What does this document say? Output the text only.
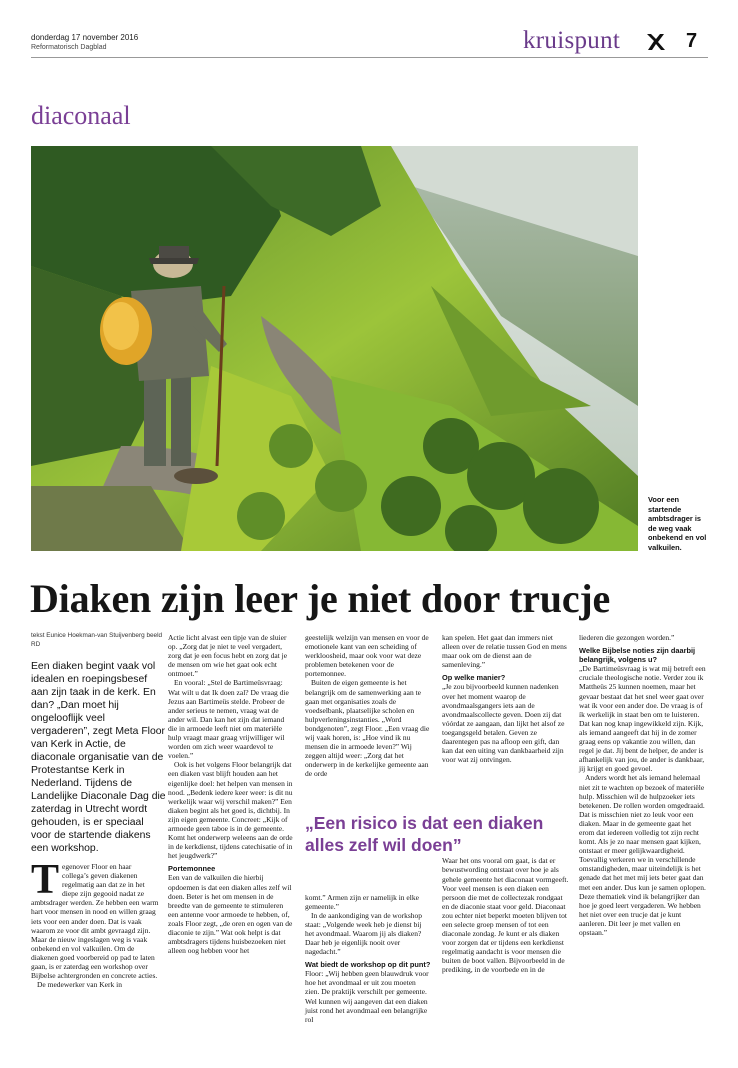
donderdag 17 november 2016
Reformatorisch Dagblad	kruispunt	7
diaconaal
Voor een startende ambtsdrager is de weg vaak onbekend en vol valkuilen.
Diaken zijn leer je niet door trucje
tekst Eunice Hoekman-van Stuijvenberg beeld RD
Een diaken begint vaak vol idealen en roepingsbesef aan zijn taak in de kerk. En dan? „Dan moet hij ongelooflijk veel vergaderen”, zegt Meta Floor van Kerk in Actie, de diaconale organisatie van de Protestantse Kerk in Nederland. Tijdens de Landelijke Diaconale Dag die zaterdag in Utrecht wordt gehouden, is er speciaal voor de startende diakens een workshop.

Tegenover Floor en haar collega’s geven diakenen regelmatig aan dat ze in het diepe zijn gegooid nadat ze ambtsdrager werden. Ze hebben een warm hart voor mensen in nood en willen graag iets voor een ander doen. Dat is vaak waarom ze voor dit ambt gevraagd zijn. Maar de nieuw ingeslagen weg is vaak onbekend en vol valkuilen. Om de diakenen goed voorbereid op pad te laten gaan, is er zaterdag een workshop over Bijbelse achtergronden en concrete acties.

De medewerker van Kerk in

Actie licht alvast een tipje van de sluier op. „Zorg dat je niet te veel vergadert, zorg dat je een focus hebt en zorg dat je de mensen om wie het gaat ook echt ontmoet.”

En vooral: „Stel de Bartimeüsvraag: Wat wilt u dat Ik doen zal? De vraag die Jezus aan Bartimeüs stelde. Probeer de ander serieus te nemen, vraag wat de ander wil. Dan kan het zijn dat iemand die in armoede leeft niet om materiële hulp vraagt maar graag vrijwilliger wil worden om zich weer waardevol te voelen.”

Ook is het volgens Floor belangrijk dat een diaken vast blijft houden aan het eigenlijke doel: het helpen van mensen in nood. „Bedenk iedere keer weer: is dit nu werkelijk waar wij verschil maken?” Een diaken begint als het goed is, dichtbij. In zijn eigen gemeente. Concreet: „Kijk of armoede geen taboe is in de gemeente. Komt het onderwerp weleens aan de orde in de kerkdienst, tijdens catechisatie of in het jeugdwerk?”

Portemonnee

Een van de valkuilen die hierbij opdoemen is dat een diaken alles zelf wil doen. Beter is het om mensen in de breedte van de gemeente te stimuleren een antenne voor armoede te hebben, of, zoals Floor zegt, „de oren en ogen van de diaconie te zijn.” Wat ook helpt is dat ambtsdragers tijdens huisbezoeken niet alleen oog hebben voor het

geestelijk welzijn van mensen en voor de emotionele kant van een scheiding of werkloosheid, maar ook voor wat deze problemen betekenen voor de portemonnee.

Buiten de eigen gemeente is het belangrijk om de samenwerking aan te gaan met organisaties zoals de voedselbank, plaatselijke scholen en hulpverleningsinstanties. „Word bondgenoten”, zegt Floor. „Een vraag die wij vaak horen, is: „Hoe vind ik nu mensen die in armoede leven?” Wij zeggen altijd weer: „Zorg dat het onderwerp in de kerkelijke gemeente aan de orde

komt.” Armen zijn er namelijk in elke gemeente.”

In de aankondiging van de workshop staat: „Volgende week heb je dienst bij het avondmaal. Waarom jij als diaken? Daar heb je eigenlijk nooit over nagedacht.”

Wat biedt de workshop op dit punt?

Floor: „Wij hebben geen blauwdruk voor hoe het avondmaal er uit zou moeten zien. De praktijk verschilt per gemeente. Wel kunnen wij aangeven dat een diaken juist rond het avondmaal een belangrijke rol

kan spelen. Het gaat dan immers niet alleen over de relatie tussen God en mens maar ook om de dienst aan de samenleving.”

Op welke manier?

„Je zou bijvoorbeeld kunnen nadenken over het moment waarop de avondmaalsgangers iets aan de avondmaalscollecte geven. Doen zij dat vóórdat ze aangaan, dan lijkt het alsof ze toegangsgeld betalen. Geven ze daarentegen pas na afloop een gift, dan kan dat een uiting van dankbaarheid zijn voor wat zij ontvingen.

Waar het ons vooral om gaat, is dat er bewustwording ontstaat over hoe je als gehele gemeente het diaconaat vormgeeft. Voor veel mensen is een diaken een persoon die met de collectezak rondgaat en de diaconie staat voor geld. Diaconaat zou echter niet beperkt moeten blijven tot een selecte groep mensen of tot een diaconale zondag. Je kunt er als diaken voor zorgen dat er tijdens een kerkdienst regelmatig aandacht is voor mensen die buiten de boot vallen. Bijvoorbeeld in de prediking, in de voorbede en in de

liederen die gezongen worden.”

Welke Bijbelse noties zijn daarbij belangrijk, volgens u?

„De Bartimeüsvraag is wat mij betreft een cruciale theologische notie. Verder zou ik Mattheüs 25 kunnen noemen, maar het gevaar bestaat dat het snel weer gaat over wat ík voor een ander doe. De vraag is of ík werkelijk in staat ben om te luisteren. Dat kan nog knap ingewikkeld zijn. Kijk, als iemand aangeeft dat hij in de zomer graag eens op vakantie zou willen, dan regel je dat. Jij bent de helper, de ander is afhankelijk van jou, de ander is dankbaar, jij krijgt en goed gevoel.

Anders wordt het als iemand helemaal niet zit te wachten op bezoek of materiële hulp. Misschien wil de hulpzoeker iets betekenen. De rollen worden omgedraaid. Dat is misschien niet zo leuk voor een diaken. Maar in de gemeente gaat het erom dat iedereen volledig tot zijn recht komt. Als je zo naar mensen gaat kijken, ontstaat er meer gelijkwaardigheid. Toevallig verkeren we in verschillende omstandigheden, maar uiteindelijk is het genade dat het met mij iets beter gaat dan met een ander. Dus kun je samen oplopen. Deze thematiek vind ik belangrijker dan hoe je goed leert vergaderen. We hebben het niet over een trucje dat je kunt aanleren. Dit leer je met vallen en opstaan.”

„Een risico is dat een diaken alles zelf wil doen”
